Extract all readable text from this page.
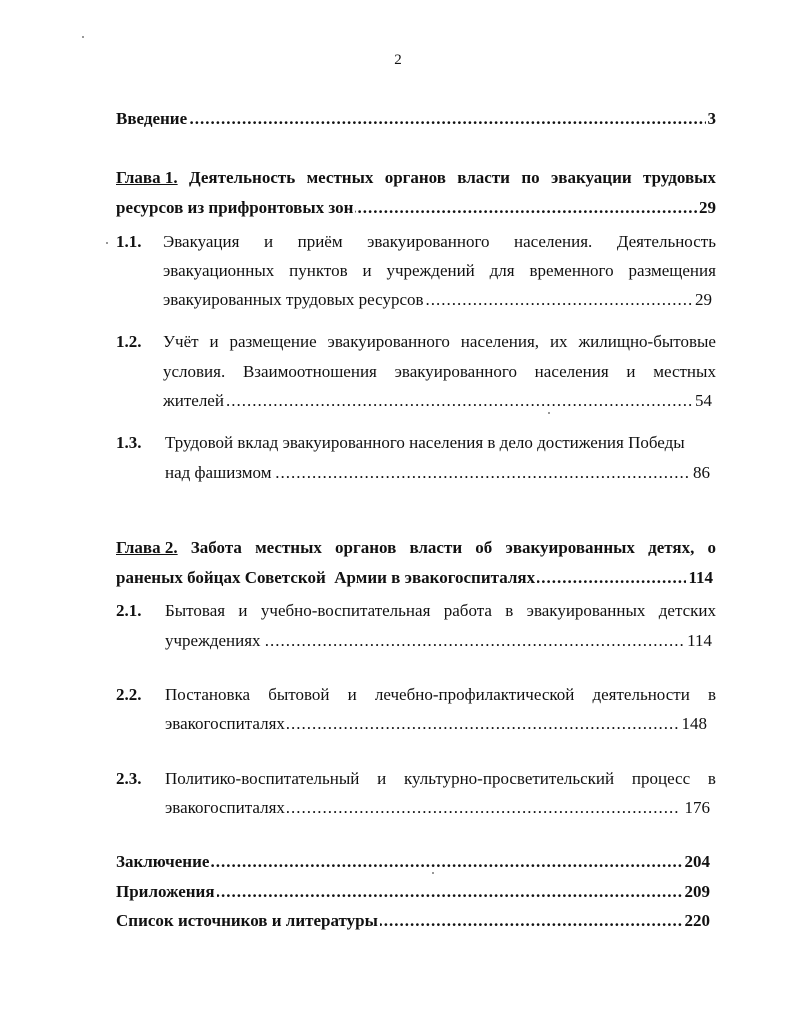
2
.....
Введение	3
Глава 1. Деятельность местных органов власти по эвакуации трудовых
.....
ресурсов из прифронтовых зон	29
1.1. Эвакуация и приём эвакуированного населения. Деятельность
эвакуационных пунктов и учреждений для временного размещения
.....
эвакуированных трудовых ресурсов	29
1.2. Учёт и размещение эвакуированного населения, их жилищно-бытовые
условия. Взаимоотношения эвакуированного населения и местных
.....
жителей	54
1.3. Трудовой вклад эвакуированного населения в дело достижения Победы
.....
над фашизмом	86
Глава 2. Забота местных органов власти об эвакуированных детях, о
.....
раненых бойцах Советской  Армии в эвакогоспиталях	114
2.1. Бытовая и учебно-воспитательная работа в эвакуированных детских
.....
учреждениях	114
2.2. Постановка бытовой и лечебно-профилактической деятельности в
.....
эвакогоспиталях	148
2.3. Политико-воспитательный и культурно-просветительский процесс в
.....
эвакогоспиталях	176
.....
Заключение	204
.....
Приложения	209
.....
Список источников и литературы	220
